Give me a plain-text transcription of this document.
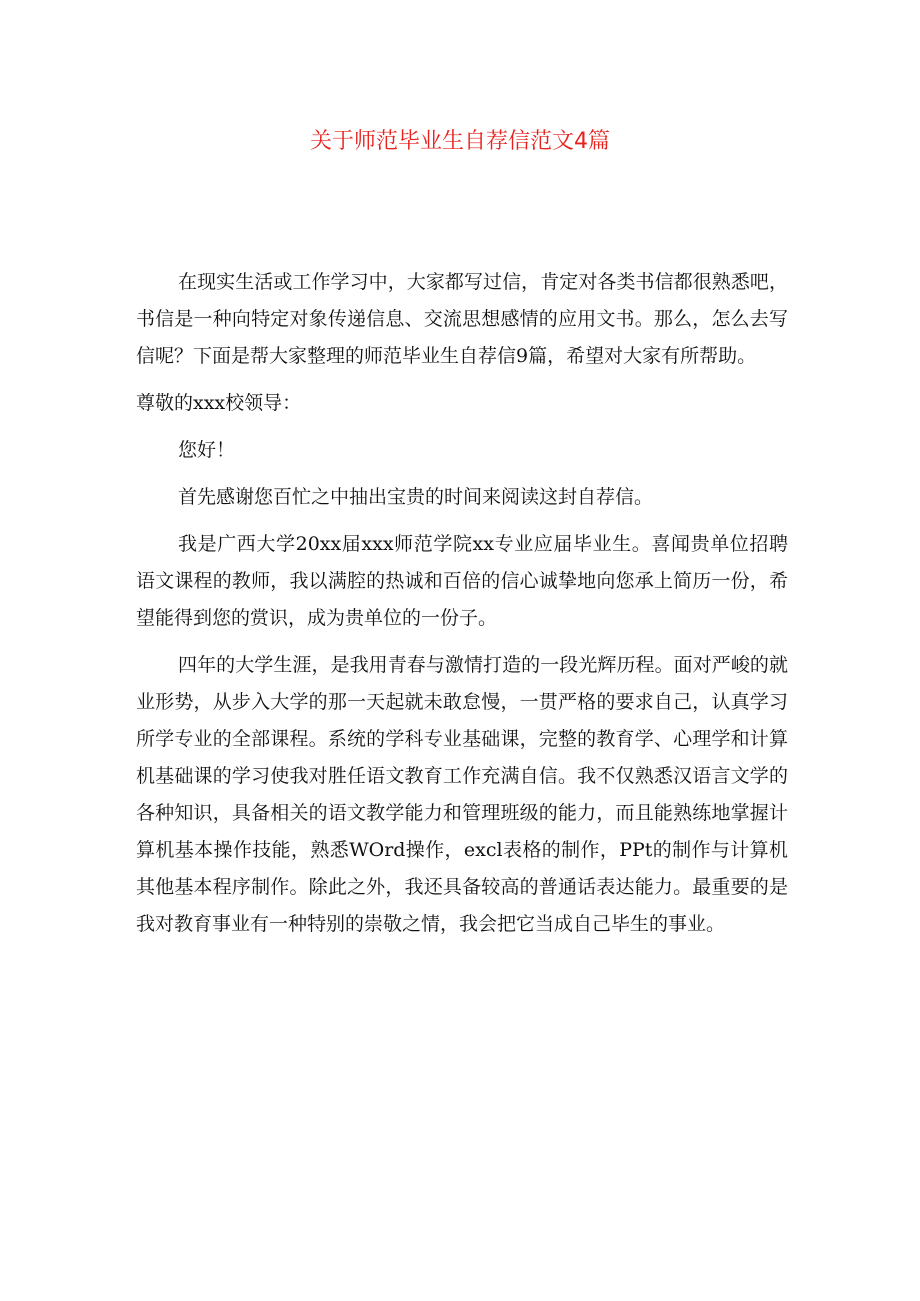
关于师范毕业生自荐信范文4篇

在现实生活或工作学习中，大家都写过信，肯定对各类书信都很熟悉吧，书信是一种向特定对象传递信息、交流思想感情的应用文书。那么，怎么去写信呢？下面是帮大家整理的师范毕业生自荐信9篇，希望对大家有所帮助。

尊敬的xxx校领导：

您好！

首先感谢您百忙之中抽出宝贵的时间来阅读这封自荐信。

我是广西大学20xx届xxx师范学院xx专业应届毕业生。喜闻贵单位招聘语文课程的教师，我以满腔的热诚和百倍的信心诚挚地向您承上简历一份，希望能得到您的赏识，成为贵单位的一份子。

四年的大学生涯，是我用青春与激情打造的一段光辉历程。面对严峻的就业形势，从步入大学的那一天起就未敢怠慢，一贯严格的要求自己，认真学习所学专业的全部课程。系统的学科专业基础课，完整的教育学、心理学和计算机基础课的学习使我对胜任语文教育工作充满自信。我不仅熟悉汉语言文学的各种知识，具备相关的语文教学能力和管理班级的能力，而且能熟练地掌握计算机基本操作技能，熟悉WOrd操作，excl表格的制作，PPt的制作与计算机其他基本程序制作。除此之外，我还具备较高的普通话表达能力。最重要的是我对教育事业有一种特别的崇敬之情，我会把它当成自己毕生的事业。
